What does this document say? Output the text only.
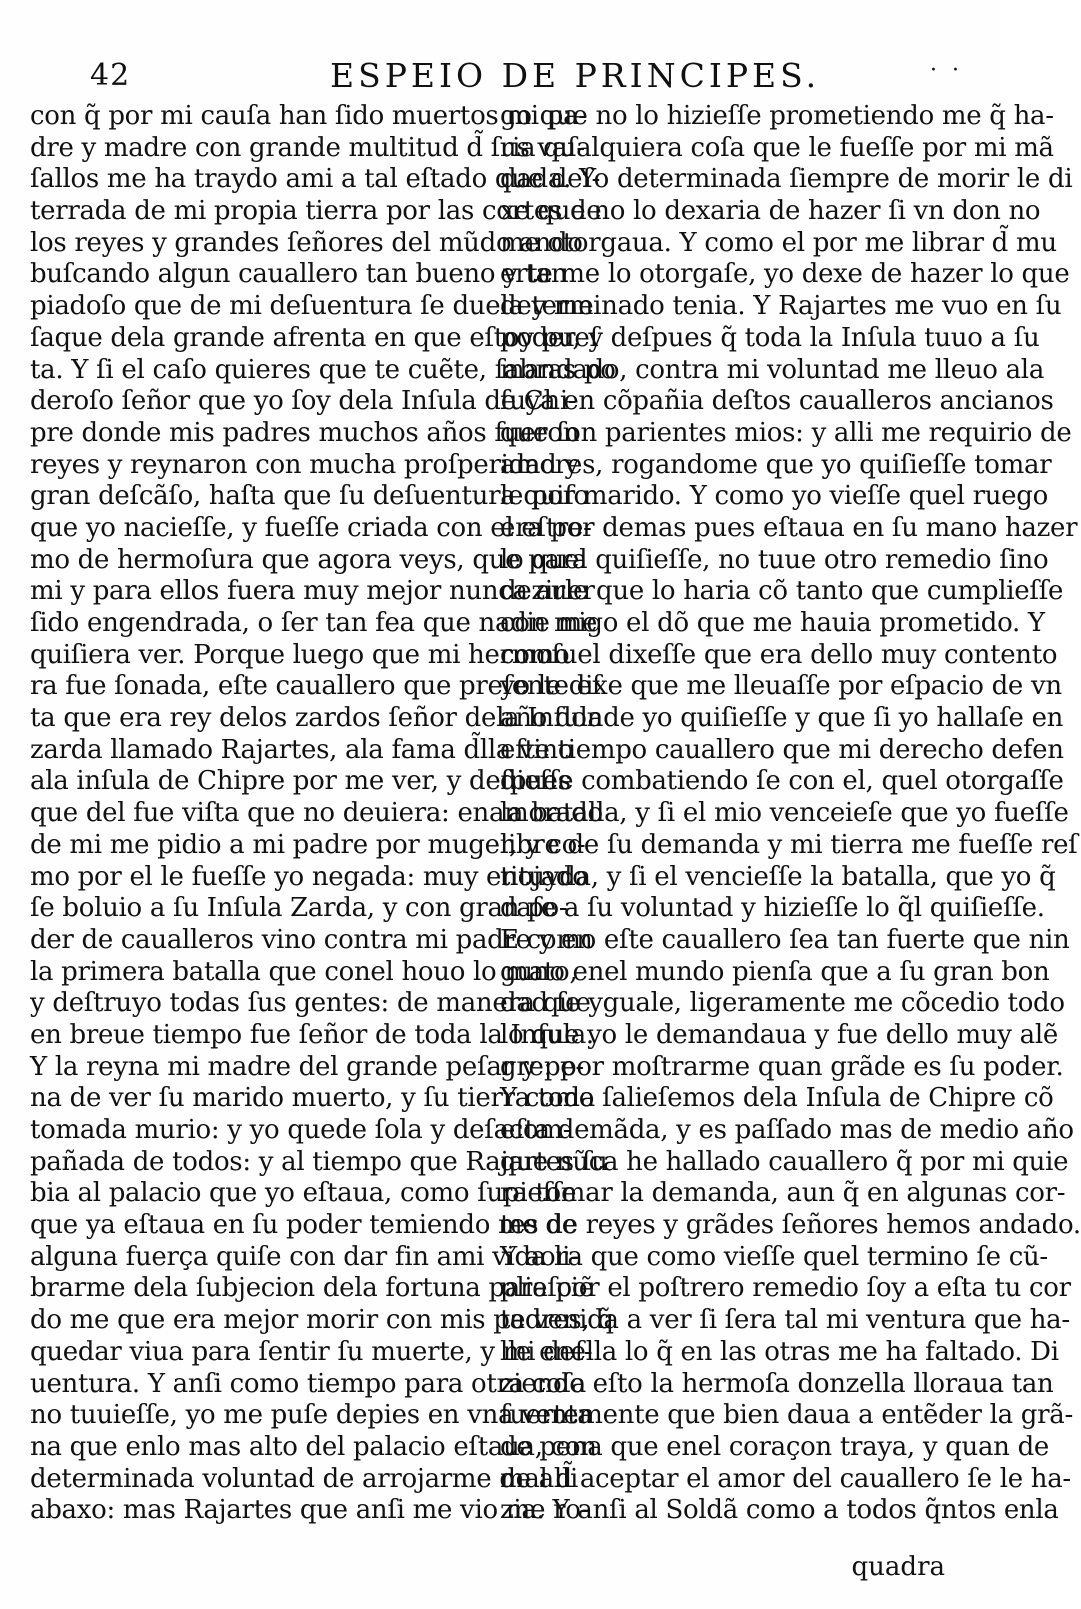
42	ESPEIO DE PRINCIPES.	· ·
con q̃ por mi cauſa han ſido muertos mi pa-
dre y madre con grande multitud d̃ ſus vaſ-
ſallos me ha traydo ami a tal eſtado que deſ-
terrada de mi propia tierra por las cortes de
los reyes y grandes ſeñores del mũdo ando
buſcando algun cauallero tan bueno y tan
piadoſo que de mi deſuentura ſe duela y me
ſaque dela grande afrenta en que eſtoy pueſ
ta. Y ſi el caſo quieres que te cuẽte, ſabras po
deroſo ſeñor que yo ſoy dela Inſula de Chi-
pre donde mis padres muchos años fueron
reyes y reynaron con mucha proſperidad y
gran deſcãſo, haſta que ſu deſuentura quiſo
que yo nacieſſe, y fueſſe criada con el eſtre-
mo de hermoſura que agora veys, que para
mi y para ellos fuera muy mejor nunca auer
ſido engendrada, o ſer tan fea que nadie me
quiſiera ver. Porque luego que mi hermoſu
ra fue ſonada, eſte cauallero que preſente eſ
ta que era rey delos zardos ſeñor dela Inſula
zarda llamado Rajartes, ala fama d̃lla vino
ala inſula de Chipre por me ver, y deſpues
que del fue viſta que no deuiera: enamorado
de mi me pidio a mi padre por muger, y co-
mo por el le fueſſe yo negada: muy enojado
ſe boluio a ſu Inſula Zarda, y con gran po-
der de caualleros vino contra mi padre y en
la primera batalla que conel houo lo mato,
y deſtruyo todas ſus gentes: de manera que
en breue tiempo fue ſeñor de toda la Inſula.
Y la reyna mi madre del grande peſar y pe-
na de ver ſu marido muerto, y ſu tierra toda
tomada murio: y yo quede ſola y deſacom-
pañada de todos: y al tiempo que Rajartes ſu
bia al palacio que yo eſtaua, como ſupieſſe
que ya eſtaua en ſu poder temiendo me de
alguna fuerça quiſe con dar fin ami vida li-
brarme dela ſubjecion dela fortuna pareſciẽ
do me que era mejor morir con mis padres, q̃
quedar viua para ſentir ſu muerte, y mi deſ-
uentura. Y anſi como tiempo para otra coſa
no tuuieſſe, yo me puſe depies en vna venta
na que enlo mas alto del palacio eſtaua, con
determinada voluntad de arrojarme de alli
abaxo: mas Rajartes que anſi me vio me ro-
go que no lo hizieſſe prometiendo me q̃ ha-
ria qualquiera coſa que le fueſſe por mi mã
dada. Yo determinada ſiempre de morir le di
xe que no lo dexaria de hazer ſi vn don no
me otorgaua. Y como el por me librar d̃ mu
erte me lo otorgaſe, yo dexe de hazer lo que
determinado tenia. Y Rajartes me vuo en ſu
poder, y deſpues q̃ toda la Inſula tuuo a ſu
mandado, contra mi voluntad me lleuo ala
ſuya en cõpañia deſtos caualleros ancianos
que ſon parientes mios: y alli me requirio de
amores, rogandome que yo quiſieſſe tomar
le por marido. Y como yo vieſſe quel ruego
era por demas pues eſtaua en ſu mano hazer
lo quel quiſieſſe, no tuue otro remedio ſino
dezirle que lo haria cõ tanto que cumplieſſe
con migo el dõ que me hauia prometido. Y
como el dixeſſe que era dello muy contento
yo le dixe que me lleuaſſe por eſpacio de vn
año donde yo quiſieſſe y que ſi yo hallaſe en
eſte tiempo cauallero que mi derecho defen
dieſſe combatiendo ſe con el, quel otorgaſſe
la batalla, y ſi el mio venceieſe que yo fueſſe
libre de ſu demanda y mi tierra me fueſſe reſ
tituyda, y ſi el vencieſſe la batalla, que yo q̃
daſe a ſu voluntad y hizieſſe lo q̃l quiſieſſe.
E como eſte cauallero ſea tan fuerte que nin
guno enel mundo pienſa que a ſu gran bon
dad ſe yguale, ligeramente me cõcedio todo
lo que yo le demandaua y fue dello muy alẽ
gre: por moſtrarme quan grãde es ſu poder.
Y como ſalieſemos dela Inſula de Chipre cõ
eſta demãda, y es paſſado mas de medio año
que nũca he hallado cauallero q̃ por mi quie
ra tomar la demanda, aun q̃ en algunas cor-
tes de reyes y grãdes ſeñores hemos andado.
Y aora que como vieſſe quel termino ſe cũ-
plia por el poſtrero remedio ſoy a eſta tu cor
te venida a ver ſi ſera tal mi ventura que ha-
lle enella lo q̃ en las otras me ha faltado. Di
ziendo eſto la hermoſa donzella lloraua tan
fuertemente que bien daua a entẽder la grã-
de pena que enel coraçon traya, y quan de
mal d̃ aceptar el amor del cauallero ſe le ha-
zia. Y anſi al Soldã como a todos q̃ntos enla
quadra
